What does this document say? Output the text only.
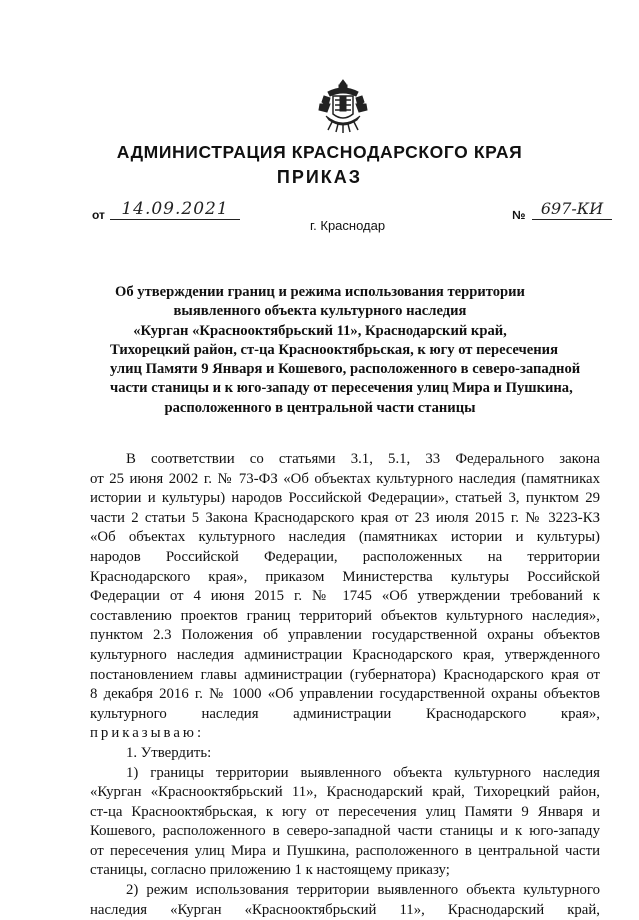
АДМИНИСТРАЦИЯ КРАСНОДАРСКОГО КРАЯ
ПРИКАЗ
от 14.09.2021
г. Краснодар
№ 697-КИ
Об утверждении границ и режима использования территории
выявленного объекта культурного наследия
«Курган «Краснооктябрьский 11», Краснодарский край,
Тихорецкий район, ст-ца Краснооктябрьская, к югу от пересечения
улиц Памяти 9 Января и Кошевого, расположенного в северо-западной
части станицы и к юго-западу от пересечения улиц Мира и Пушкина,
расположенного в центральной части станицы
В соответствии со статьями 3.1, 5.1, 33 Федерального закона
от 25 июня 2002 г. № 73-ФЗ «Об объектах культурного наследия (памятниках
истории и культуры) народов Российской Федерации», статьей 3, пунктом 29
части 2 статьи 5 Закона Краснодарского края от 23 июля 2015 г. № 3223-КЗ
«Об объектах культурного наследия (памятниках истории и культуры)
народов Российской Федерации, расположенных на территории
Краснодарского края», приказом Министерства культуры Российской
Федерации от 4 июня 2015 г. № 1745 «Об утверждении требований к
составлению проектов границ территорий объектов культурного наследия»,
пунктом 2.3 Положения об управлении государственной охраны объектов
культурного наследия администрации Краснодарского края, утвержденного
постановлением главы администрации (губернатора) Краснодарского края от
8 декабря 2016 г. № 1000 «Об управлении государственной охраны объектов
культурного наследия администрации Краснодарского края»,
приказываю:
1. Утвердить:
1) границы территории выявленного объекта культурного наследия
«Курган «Краснооктябрьский 11», Краснодарский край, Тихорецкий район,
ст-ца Краснооктябрьская, к югу от пересечения улиц Памяти 9 Января и
Кошевого, расположенного в северо-западной части станицы и к юго-западу
от пересечения улиц Мира и Пушкина, расположенного в центральной части
станицы, согласно приложению 1 к настоящему приказу;
2) режим использования территории выявленного объекта культурного
наследия «Курган «Краснооктябрьский 11», Краснодарский край,
